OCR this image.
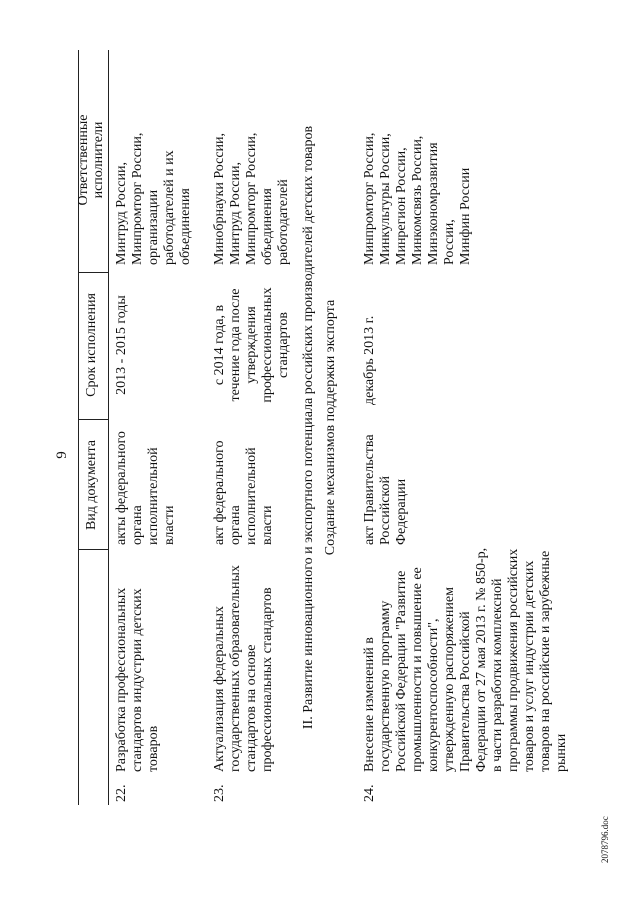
9 Вид документа
Срок исполнения
Ответственные
исполнители
22.
Разработка профессиональных
стандартов индустрии детских
товаров
акты федерального
органа
исполнительной
власти
2013 - 2015 годы
Минтруд России,
Минпромторг России,
организации
работодателей и их
объединения
23.
Актуализация федеральных
государственных образовательных
стандартов на основе
профессиональных стандартов
акт федерального
органа
исполнительной
власти
с 2014 года, в
течение года после
утверждения
профессиональных
стандартов
Минобрнауки России,
Минтруд России,
Минпромторг России,
объединения
работодателей II. Развитие инновационного и экспортного потенциала российских производителей детских товаров Создание механизмов поддержки экспорта
24.
Внесение изменений в
государственную программу
Российской Федерации "Развитие
промышленности и повышение ее
конкурентоспособности",
утвержденную распоряжением
Правительства Российской
Федерации от 27 мая 2013 г. № 850-р,
в части разработки комплексной
программы продвижения российских
товаров и услуг индустрии детских
товаров на российские и зарубежные
рынки
акт Правительства
Российской
Федерации
декабрь 2013 г.
Минпромторг России,
Минкультуры России,
Минрегион России,
Минкомсвязь России,
Минэкономразвития
России,
Минфин России
2078796.doc
